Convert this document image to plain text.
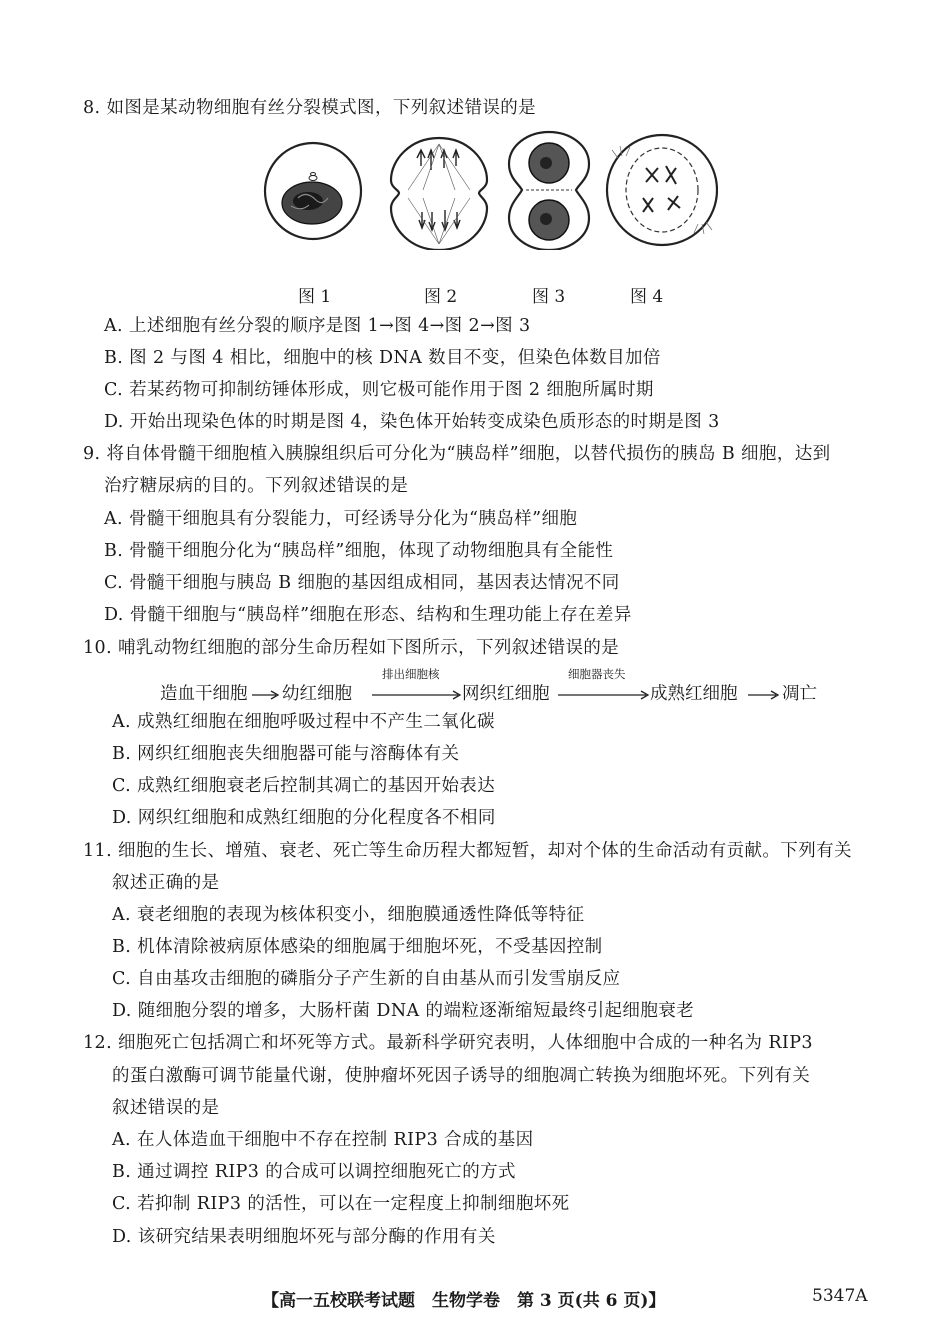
8. 如图是某动物细胞有丝分裂模式图，下列叙述错误的是
图 1	图 2	图 3	图 4
A. 上述细胞有丝分裂的顺序是图 1→图 4→图 2→图 3
B. 图 2 与图 4 相比，细胞中的核 DNA 数目不变，但染色体数目加倍
C. 若某药物可抑制纺锤体形成，则它极可能作用于图 2 细胞所属时期
D. 开始出现染色体的时期是图 4，染色体开始转变成染色质形态的时期是图 3
9. 将自体骨髓干细胞植入胰腺组织后可分化为“胰岛样”细胞，以替代损伤的胰岛 B 细胞，达到
治疗糖尿病的目的。下列叙述错误的是
A. 骨髓干细胞具有分裂能力，可经诱导分化为“胰岛样”细胞
B. 骨髓干细胞分化为“胰岛样”细胞，体现了动物细胞具有全能性
C. 骨髓干细胞与胰岛 B 细胞的基因组成相同，基因表达情况不同
D. 骨髓干细胞与“胰岛样”细胞在形态、结构和生理功能上存在差异
10. 哺乳动物红细胞的部分生命历程如下图所示，下列叙述错误的是
造血干细胞 幼红细胞
排出细胞核
网织红细胞
细胞器丧失
成熟红细胞	凋亡
A. 成熟红细胞在细胞呼吸过程中不产生二氧化碳
B. 网织红细胞丧失细胞器可能与溶酶体有关
C. 成熟红细胞衰老后控制其凋亡的基因开始表达
D. 网织红细胞和成熟红细胞的分化程度各不相同
11. 细胞的生长、增殖、衰老、死亡等生命历程大都短暂，却对个体的生命活动有贡献。下列有关
叙述正确的是
A. 衰老细胞的表现为核体积变小，细胞膜通透性降低等特征
B. 机体清除被病原体感染的细胞属于细胞坏死，不受基因控制
C. 自由基攻击细胞的磷脂分子产生新的自由基从而引发雪崩反应
D. 随细胞分裂的增多，大肠杆菌 DNA 的端粒逐渐缩短最终引起细胞衰老
12. 细胞死亡包括凋亡和坏死等方式。最新科学研究表明，人体细胞中合成的一种名为 RIP3
的蛋白激酶可调节能量代谢，使肿瘤坏死因子诱导的细胞凋亡转换为细胞坏死。下列有关
叙述错误的是
A. 在人体造血干细胞中不存在控制 RIP3 合成的基因
B. 通过调控 RIP3 的合成可以调控细胞死亡的方式
C. 若抑制 RIP3 的活性，可以在一定程度上抑制细胞坏死
D. 该研究结果表明细胞坏死与部分酶的作用有关
【高一五校联考试题　生物学卷　第 3 页(共 6 页)】	5347A
